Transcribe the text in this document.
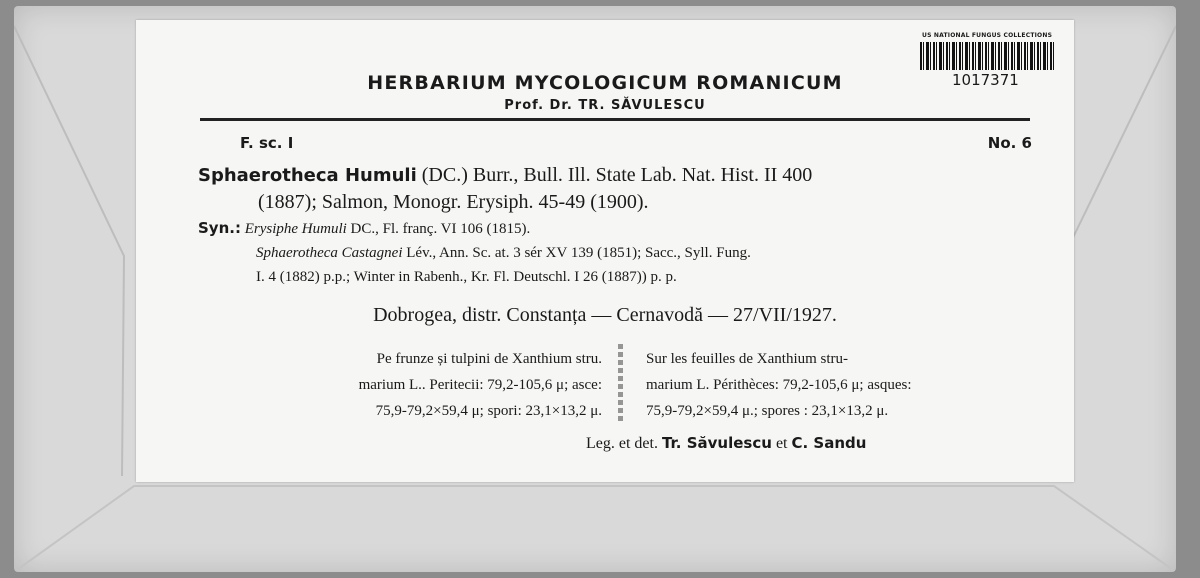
US NATIONAL FUNGUS COLLECTIONS
1017371
HERBARIUM MYCOLOGICUM ROMANICUM
Prof. Dr. TR. SĂVULESCU
F. sc. I	No. 6
Sphaerotheca Humuli (DC.) Burr., Bull. Ill. State Lab. Nat. Hist. II 400
(1887); Salmon, Monogr. Erysiph. 45-49 (1900).
Syn.: Erysiphe Humuli DC., Fl. franç. VI 106 (1815).
Sphaerotheca Castagnei Lév., Ann. Sc. at. 3 sér XV 139 (1851); Sacc., Syll. Fung.
I. 4 (1882) p.p.; Winter in Rabenh., Kr. Fl. Deutschl. I 26 (1887)) p. p.
Dobrogea, distr. Constanța — Cernavodă — 27/VII/1927.
Pe frunze și tulpini de Xanthium stru.
marium L.. Peritecii: 79,2-105,6 μ; asce:
75,9-79,2×59,4 μ; spori: 23,1×13,2 μ.
Sur les feuilles de Xanthium stru-
marium L. Périthèces: 79,2-105,6 μ; asques:
75,9-79,2×59,4 μ.; spores : 23,1×13,2 μ.
Leg. et det. Tr. Săvulescu et C. Sandu
